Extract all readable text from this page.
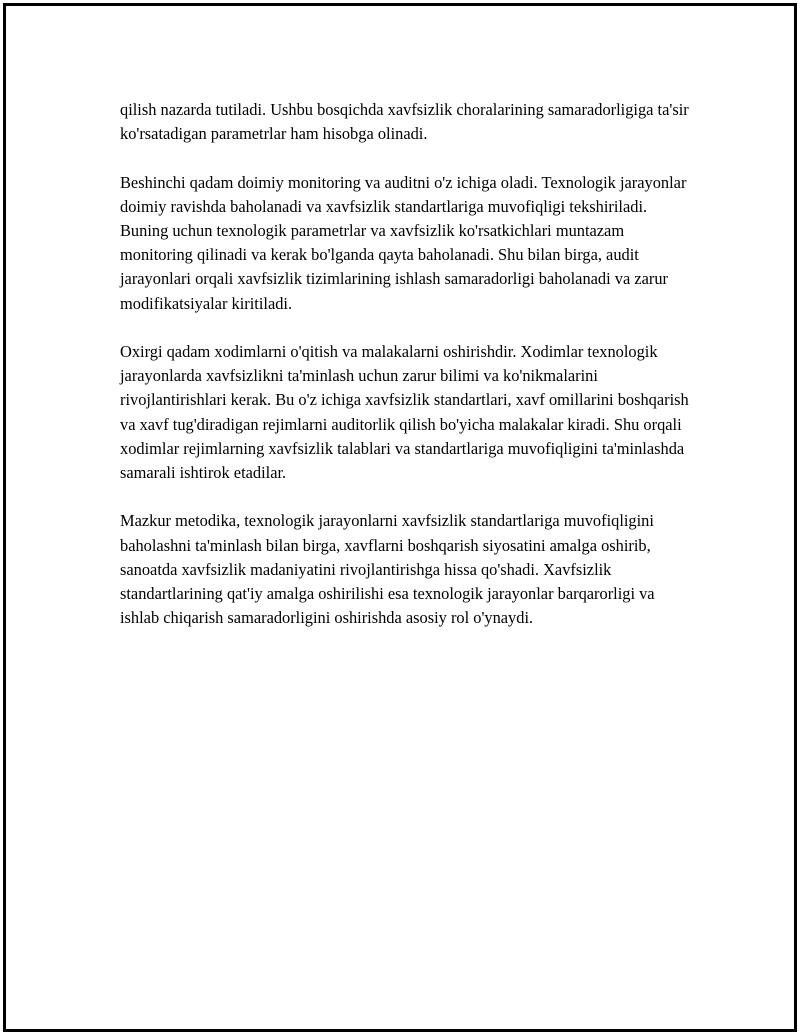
qilish nazarda tutiladi. Ushbu bosqichda xavfsizlik choralarining samaradorligiga ta'sir ko'rsatadigan parametrlar ham hisobga olinadi.

Beshinchi qadam doimiy monitoring va auditni o'z ichiga oladi. Texnologik jarayonlar doimiy ravishda baholanadi va xavfsizlik standartlariga muvofiqligi tekshiriladi. Buning uchun texnologik parametrlar va xavfsizlik ko'rsatkichlari muntazam monitoring qilinadi va kerak bo'lganda qayta baholanadi. Shu bilan birga, audit jarayonlari orqali xavfsizlik tizimlarining ishlash samaradorligi baholanadi va zarur modifikatsiyalar kiritiladi.

Oxirgi qadam xodimlarni o'qitish va malakalarni oshirishdir. Xodimlar texnologik jarayonlarda xavfsizlikni ta'minlash uchun zarur bilimi va ko'nikmalarini rivojlantirishlari kerak. Bu o'z ichiga xavfsizlik standartlari, xavf omillarini boshqarish va xavf tug'diradigan rejimlarni auditorlik qilish bo'yicha malakalar kiradi. Shu orqali xodimlar rejimlarning xavfsizlik talablari va standartlariga muvofiqligini ta'minlashda samarali ishtirok etadilar.

Mazkur metodika, texnologik jarayonlarni xavfsizlik standartlariga muvofiqligini baholashni ta'minlash bilan birga, xavflarni boshqarish siyosatini amalga oshirib, sanoatda xavfsizlik madaniyatini rivojlantirishga hissa qo'shadi. Xavfsizlik standartlarining qat'iy amalga oshirilishi esa texnologik jarayonlar barqarorligi va ishlab chiqarish samaradorligini oshirishda asosiy rol o'ynaydi.
